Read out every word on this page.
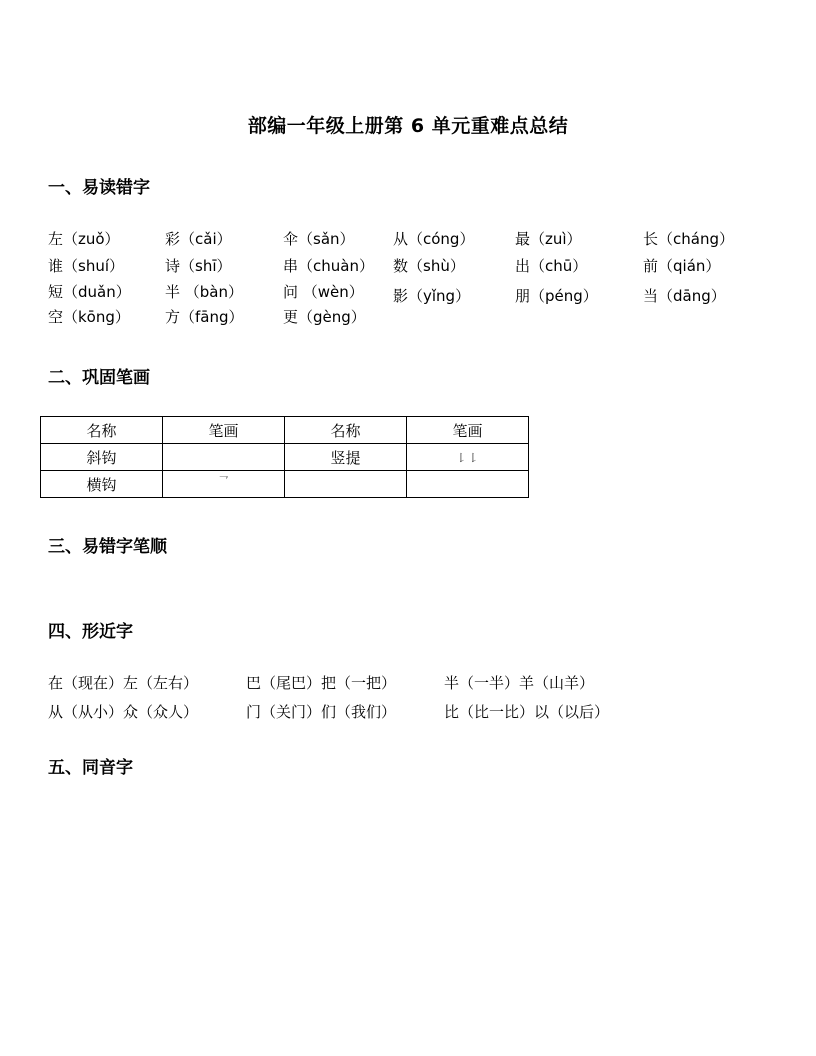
部编一年级上册第 6 单元重难点总结
一、易读错字
左（zuǒ）	彩（cǎi）	伞（sǎn）	从（cóng）	最（zuì）	长（cháng）
谁（shuí）	诗（shī）	串（chuàn） 数（shù）	出（chū）	前（qián）
短（duǎn） 半 （bàn）	问 （wèn） 影（yǐng）	朋（péng）	当（dāng）
空（kōng） 方（fāng）	更（gèng）
二、巩固笔画
名称	笔画	名称	笔画
斜钩		竖提	㇙㇙
横钩	㇖		
三、易错字笔顺
四、形近字
在（现在）左（左右）	巴（尾巴）把（一把）	半（一半）羊（山羊）
从（从小）众（众人）	门（关门）们（我们）	比（比一比）以（以后）
五、同音字
